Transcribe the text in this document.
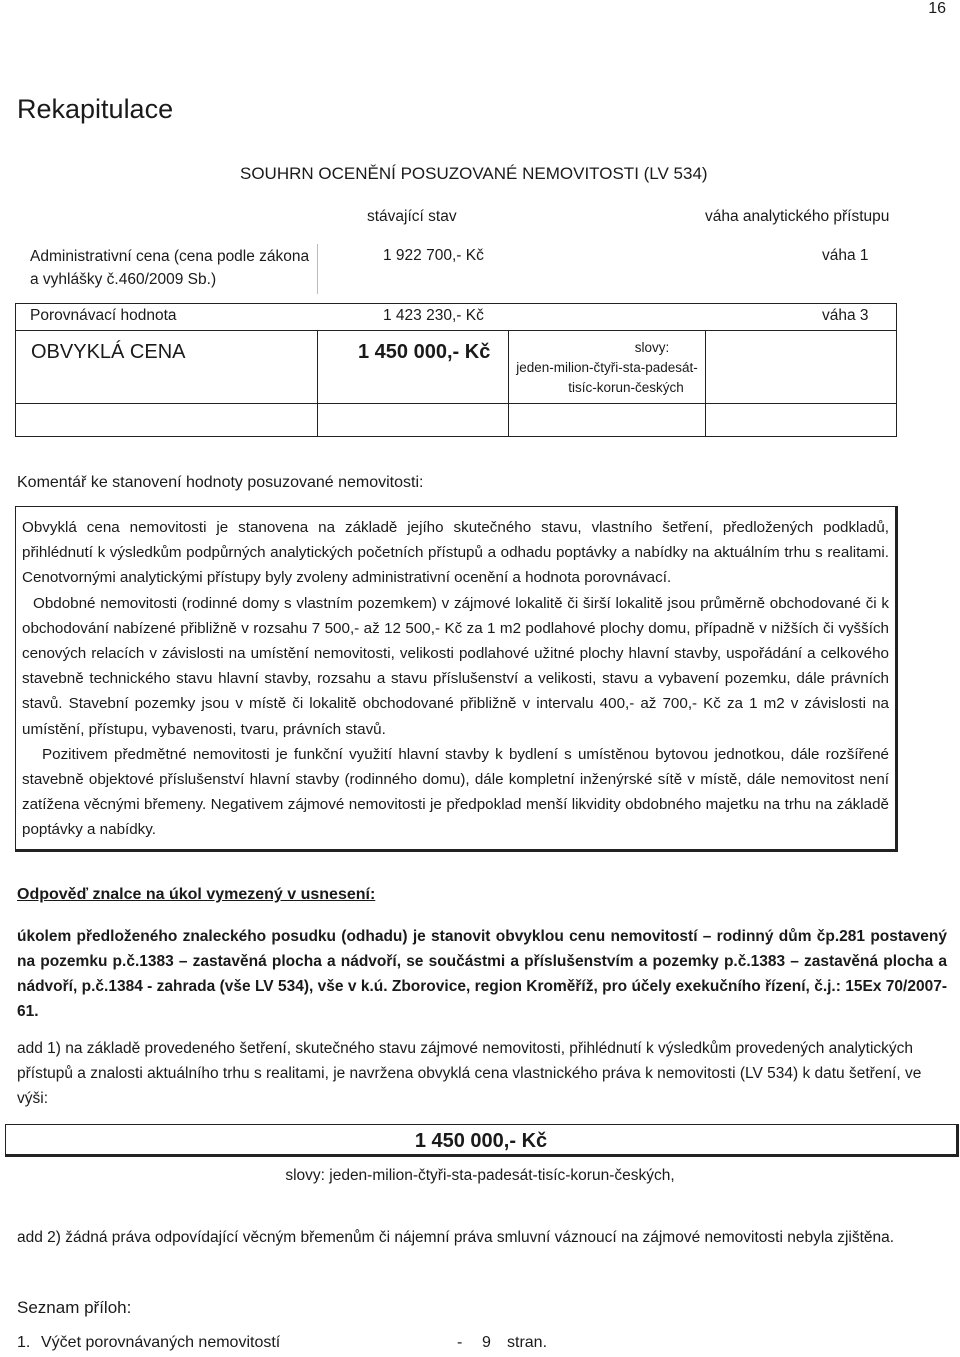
16
Rekapitulace
SOUHRN OCENĚNÍ POSUZOVANÉ NEMOVITOSTI (LV 534)
stávající stav	váha analytického přístupu
Administrativní cena (cena podle zákona
a vyhlášky č.460/2009 Sb.)
1 922 700,- Kč	váha 1
Porovnávací hodnota	1 423 230,- Kč	váha 3
OBVYKLÁ CENA	1 450 000,- Kč	slovy:
jeden-milion-čtyři-sta-padesát-
tisíc-korun-českých
Komentář ke stanovení hodnoty posuzované nemovitosti:

Obvyklá cena nemovitosti je stanovena na základě jejího skutečného stavu, vlastního šetření, předložených podkladů, přihlédnutí k výsledkům podpůrných analytických početních přístupů a odhadu poptávky a nabídky na aktuálním trhu s realitami. Cenotvornými analytickými přístupy byly zvoleny administrativní ocenění a hodnota porovnávací.

Obdobné nemovitosti (rodinné domy s vlastním pozemkem) v zájmové lokalitě či širší lokalitě jsou průměrně obchodované či k obchodování nabízené přibližně v rozsahu 7 500,- až 12 500,- Kč za 1 m2 podlahové plochy domu, případně v nižších či vyšších cenových relacích v závislosti na umístění nemovitosti, velikosti podlahové užitné plochy hlavní stavby, uspořádání a celkového stavebně technického stavu hlavní stavby, rozsahu a stavu příslušenství a velikosti, stavu a vybavení pozemku, dále právních stavů. Stavební pozemky jsou v místě či lokalitě obchodované přibližně v intervalu 400,- až 700,- Kč za 1 m2 v závislosti na umístění, přístupu, vybavenosti, tvaru, právních stavů.

Pozitivem předmětné nemovitosti je funkční využití hlavní stavby k bydlení s umístěnou bytovou jednotkou, dále rozšířené stavebně objektové příslušenství hlavní stavby (rodinného domu), dále kompletní inženýrské sítě v místě, dále nemovitost není zatížena věcnými břemeny. Negativem zájmové nemovitosti je předpoklad menší likvidity obdobného majetku na trhu na základě poptávky a nabídky.

Odpověď znalce na úkol vymezený v usnesení:
úkolem předloženého znaleckého posudku (odhadu) je stanovit obvyklou cenu nemovitostí – rodinný dům čp.281 postavený na pozemku p.č.1383 – zastavěná plocha a nádvoří, se součástmi a příslušenstvím a pozemky p.č.1383 – zastavěná plocha a nádvoří, p.č.1384 - zahrada (vše LV 534), vše v k.ú. Zborovice, region Kroměříž, pro účely exekučního řízení, č.j.: 15Ex 70/2007-61.
add 1) na základě provedeného šetření, skutečného stavu zájmové nemovitosti, přihlédnutí k výsledkům provedených analytických přístupů a znalosti aktuálního trhu s realitami, je navržena obvyklá cena vlastnického práva k nemovitosti (LV 534) k datu šetření, ve výši:
1 450 000,- Kč
slovy: jeden-milion-čtyři-sta-padesát-tisíc-korun-českých,
add 2) žádná práva odpovídající věcným břemenům či nájemní práva smluvní váznoucí na zájmové nemovitosti nebyla zjištěna.
Seznam příloh:
1. Výčet porovnávaných nemovitostí	- 9 stran.
